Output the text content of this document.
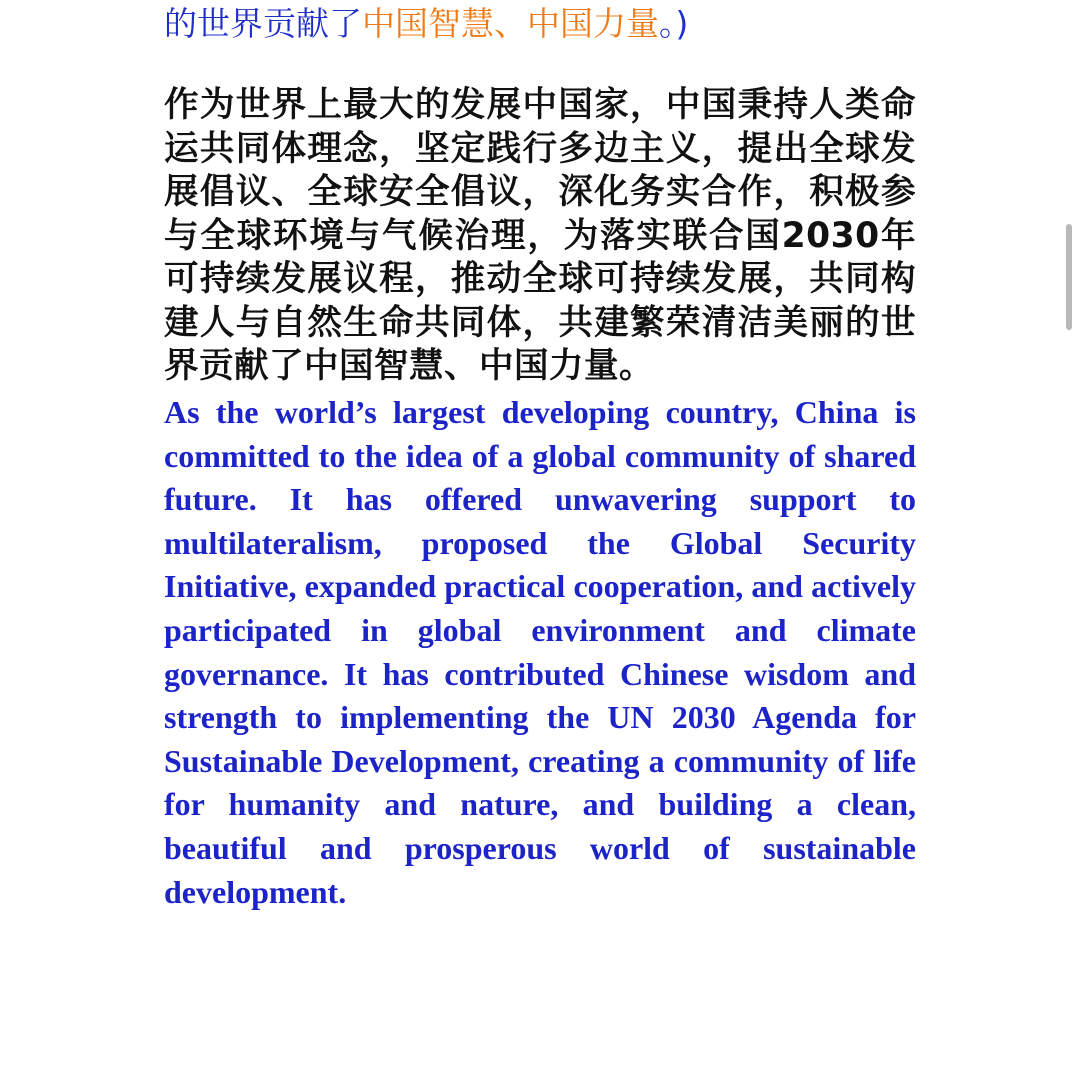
的世界贡献了中国智慧、中国力量。)

作为世界上最大的发展中国家，中国秉持人类命运共同体理念，坚定践行多边主义，提出全球发展倡议、全球安全倡议，深化务实合作，积极参与全球环境与气候治理，为落实联合国2030年可持续发展议程，推动全球可持续发展，共同构建人与自然生命共同体，共建繁荣清洁美丽的世界贡献了中国智慧、中国力量。

As the world’s largest developing country, China is committed to the idea of a global community of shared future. It has offered unwavering support to multilateralism, proposed the Global Security Initiative, expanded practical cooperation, and actively participated in global environment and climate governance. It has contributed Chinese wisdom and strength to implementing the UN 2030 Agenda for Sustainable Development, creating a community of life for humanity and nature, and building a clean, beautiful and prosperous world of sustainable development.
